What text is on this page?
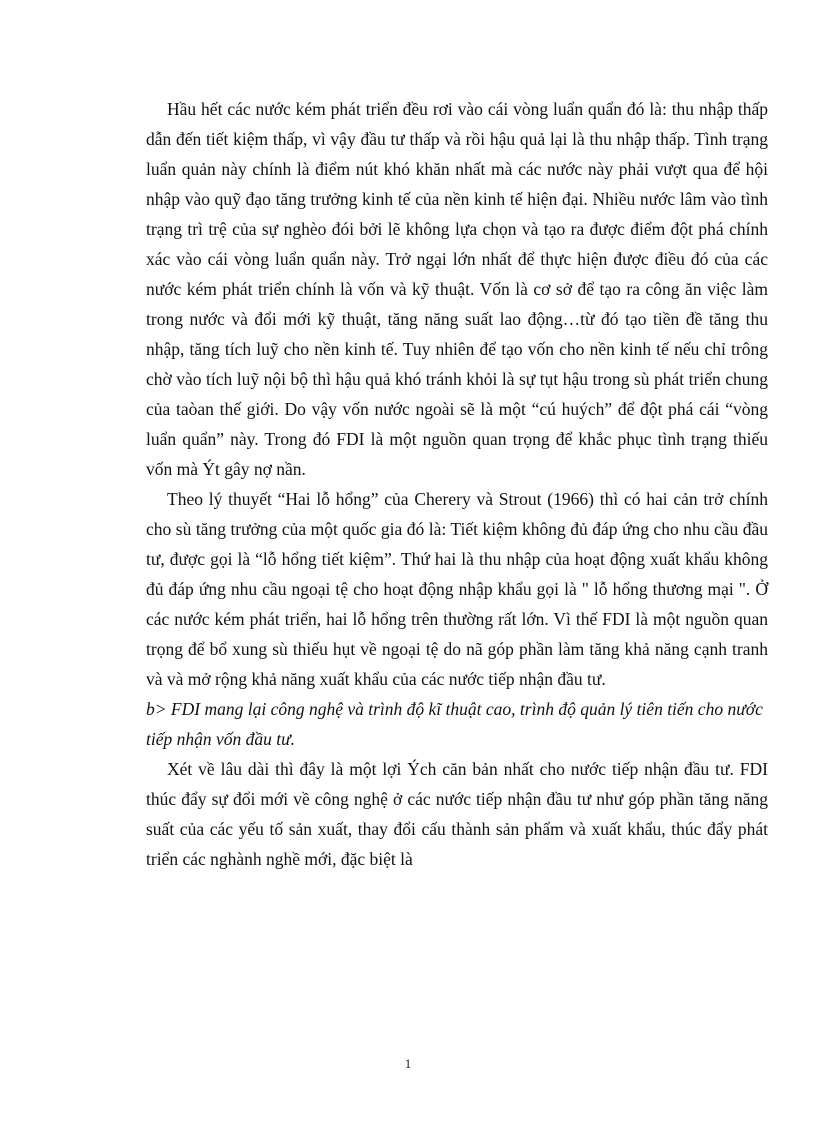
Hầu hết các nước kém phát triển đều rơi vào cái vòng luẩn quẩn đó là: thu nhập thấp dẫn đến tiết kiệm thấp, vì vậy đầu tư thấp và rồi hậu quả lại là thu nhập thấp. Tình trạng luẩn quản này chính là điểm nút khó khăn nhất mà các nước này phải vượt qua để hội nhập vào quỹ đạo tăng trưởng kinh tế của nền kinh tế hiện đại. Nhiều nước lâm vào tình trạng trì trệ của sự nghèo đói bởi lẽ không lựa chọn và tạo ra được điểm đột phá chính xác vào cái vòng luẩn quẩn này. Trở ngại lớn nhất để thực hiện được điều đó của các nước kém phát triển chính là vốn và kỹ thuật. Vốn là cơ sở để tạo ra công ăn việc làm trong nước và đổi mới kỹ thuật, tăng năng suất lao động…từ đó tạo tiền đề tăng thu nhập, tăng tích luỹ cho nền kinh tế. Tuy nhiên để tạo vốn cho nền kinh tế nếu chỉ trông chờ vào tích luỹ nội bộ thì hậu quả khó tránh khỏi là sự tụt hậu trong sù phát triển chung của taòan thế giới. Do vậy vốn nước ngoài sẽ là một “cú huých” để đột phá cái “vòng luẩn quẩn” này. Trong đó FDI là một nguồn quan trọng để khắc phục tình trạng thiếu vốn mà Ýt gây nợ nần.

Theo lý thuyết “Hai lỗ hổng” của Cherery và Strout (1966) thì có hai cản trở chính cho sù tăng trưởng của một quốc gia đó là: Tiết kiệm không đủ đáp ứng cho nhu cầu đầu tư, được gọi là “lỗ hổng tiết kiệm”. Thứ hai là thu nhập của hoạt động xuất khẩu không đủ đáp ứng nhu cầu ngoại tệ cho hoạt động nhập khẩu gọi là " lỗ hổng thương mại ". Ở các nước kém phát triển, hai lỗ hổng trên thường rất lớn. Vì thế FDI là một nguồn quan trọng để bổ xung sù thiếu hụt về ngoại tệ do nã góp phần làm tăng khả năng cạnh tranh và và mở rộng khả năng xuất khẩu của các nước tiếp nhận đầu tư.

b> FDI mang lại công nghệ và trình độ kĩ thuật cao, trình độ quản lý tiên tiến cho nước tiếp nhận vốn đầu tư.

Xét về lâu dài thì đây là một lợi Ých căn bản nhất cho nước tiếp nhận đầu tư. FDI thúc đẩy sự đổi mới về công nghệ ở các nước tiếp nhận đầu tư như góp phần tăng năng suất của các yếu tố sản xuất, thay đổi cấu thành sản phẩm và xuất khẩu, thúc đẩy phát triển các nghành nghề mới, đặc biệt là

1
